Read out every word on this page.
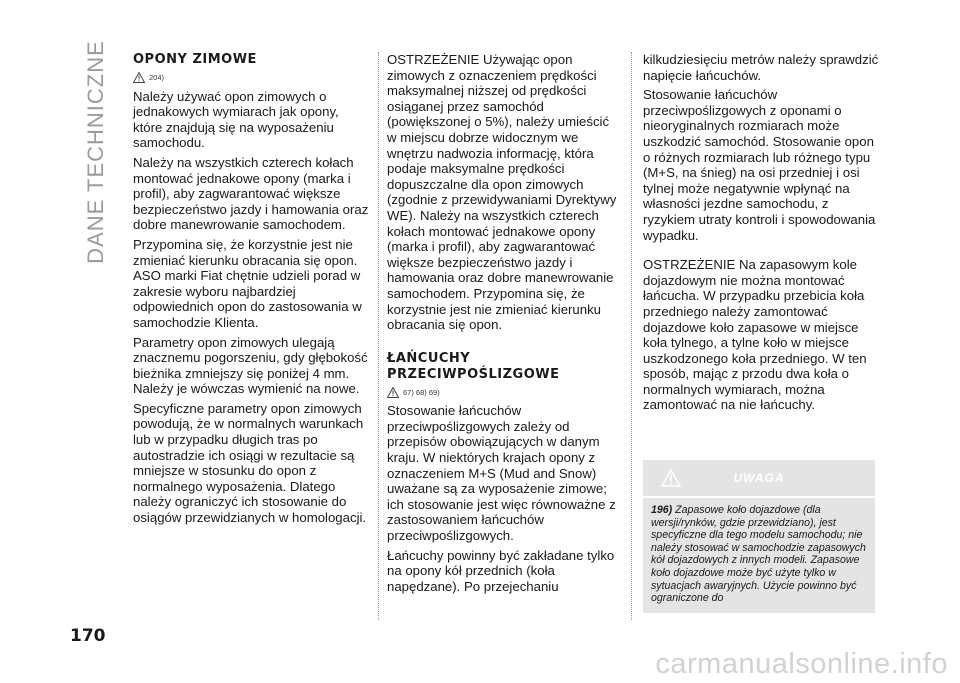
DANE TECHNICZNE OPONY ZIMOWE
204)

Należy używać opon zimowych o jednakowych wymiarach jak opony, które znajdują się na wyposażeniu samochodu.

Należy na wszystkich czterech kołach montować jednakowe opony (marka i profil), aby zagwarantować większe bezpieczeństwo jazdy i hamowania oraz dobre manewrowanie samochodem.

Przypomina się, że korzystnie jest nie zmieniać kierunku obracania się opon. ASO marki Fiat chętnie udzieli porad w zakresie wyboru najbardziej odpowiednich opon do zastosowania w samochodzie Klienta.

Parametry opon zimowych ulegają znacznemu pogorszeniu, gdy głębokość bieżnika zmniejszy się poniżej 4 mm. Należy je wówczas wymienić na nowe.

Specyficzne parametry opon zimowych powodują, że w normalnych warunkach lub w przypadku długich tras po autostradzie ich osiągi w rezultacie są mniejsze w stosunku do opon z normalnego wyposażenia. Dlatego należy ograniczyć ich stosowanie do osiągów przewidzianych w homologacji.

OSTRZEŻENIE Używając opon zimowych z oznaczeniem prędkości maksymalnej niższej od prędkości osiąganej przez samochód (powiększonej o 5%), należy umieścić w miejscu dobrze widocznym we wnętrzu nadwozia informację, która podaje maksymalne prędkości dopuszczalne dla opon zimowych (zgodnie z przewidywaniami Dyrektywy WE). Należy na wszystkich czterech kołach montować jednakowe opony (marka i profil), aby zagwarantować większe bezpieczeństwo jazdy i hamowania oraz dobre manewrowanie samochodem. Przypomina się, że korzystnie jest nie zmieniać kierunku obracania się opon.

ŁAŃCUCHY
PRZECIWPOŚLIZGOWE
67) 68) 69)

Stosowanie łańcuchów przeciwpoślizgowych zależy od przepisów obowiązujących w danym kraju. W niektórych krajach opony z oznaczeniem M+S (Mud and Snow) uważane są za wyposażenie zimowe; ich stosowanie jest więc równoważne z zastosowaniem łańcuchów przeciwpoślizgowych.

Łańcuchy powinny być zakładane tylko na opony kół przednich (koła napędzane). Po przejechaniu

kilkudziesięciu metrów należy sprawdzić napięcie łańcuchów.

Stosowanie łańcuchów przeciwpoślizgowych z oponami o nieoryginalnych rozmiarach może uszkodzić samochód. Stosowanie opon o różnych rozmiarach lub różnego typu (M+S, na śnieg) na osi przedniej i osi tylnej może negatywnie wpłynąć na własności jezdne samochodu, z ryzykiem utraty kontroli i spowodowania wypadku.

OSTRZEŻENIE Na zapasowym kole dojazdowym nie można montować łańcucha. W przypadku przebicia koła przedniego należy zamontować dojazdowe koło zapasowe w miejsce koła tylnego, a tylne koło w miejsce uszkodzonego koła przedniego. W ten sposób, mając z przodu dwa koła o normalnych wymiarach, można zamontować na nie łańcuchy.

UWAGA
196) Zapasowe koło dojazdowe (dla wersji/rynków, gdzie przewidziano), jest specyficzne dla tego modelu samochodu; nie należy stosować w samochodzie zapasowych kół dojazdowych z innych modeli. Zapasowe koło dojazdowe może być użyte tylko w sytuacjach awaryjnych. Użycie powinno być ograniczone do
170
carmanualsonline.info
